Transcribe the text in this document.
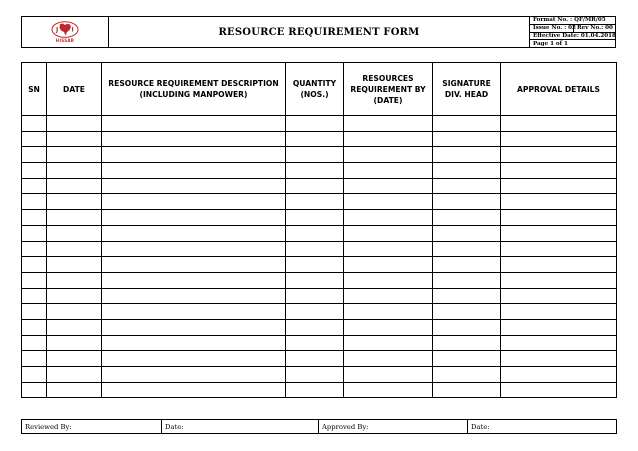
J I
HISSAR
RESOURCE REQUIREMENT FORM
Format No. : QF/MR/05
Issue No. : 02 Rev No.: 00
Effective Date: 01.04.2018
Page 1 of 1
SN	DATE	RESOURCE REQUIREMENT DESCRIPTION (INCLUDING MANPOWER)	QUANTITY (NOS.)	RESOURCES REQUIREMENT BY (DATE)	SIGNATURE DIV. HEAD	APPROVAL DETAILS

Reviewed By:	Date:	Approved By:	Date:
